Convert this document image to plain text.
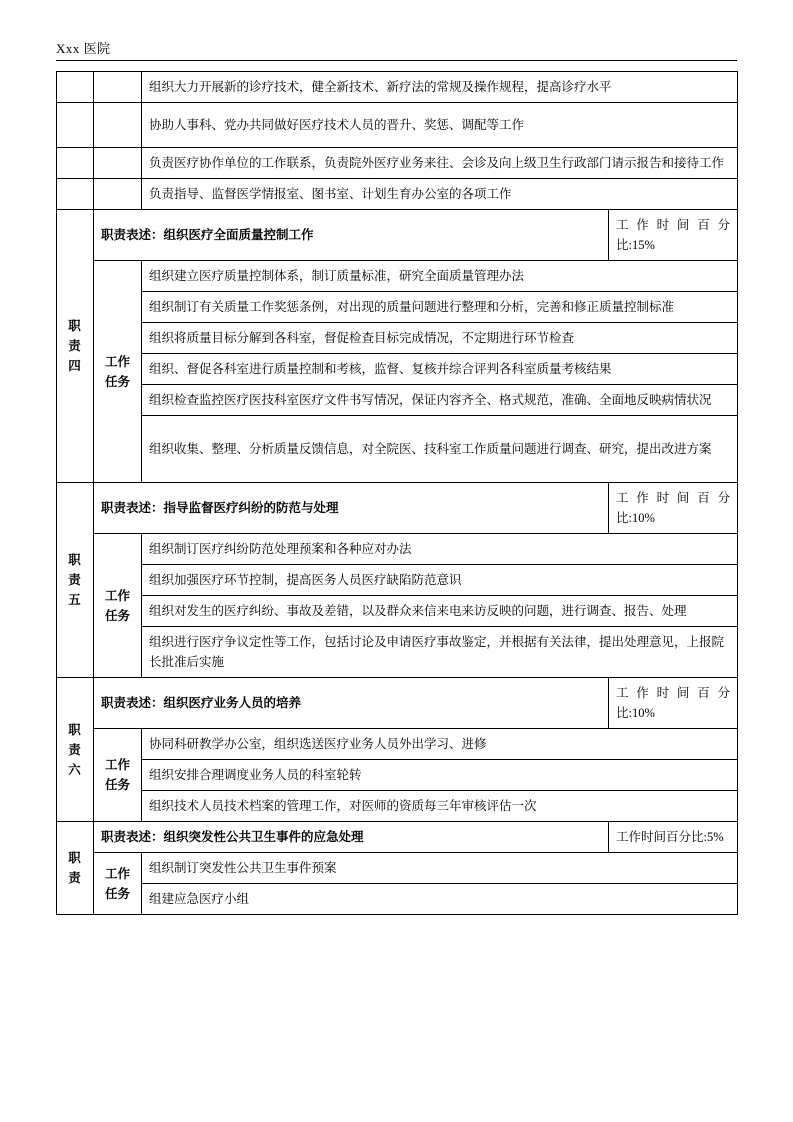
Xxx 医院
		组织大力开展新的诊疗技术，健全新技术、新疗法的常规及操作规程，提高诊疗水平	
		协助人事科、党办共同做好医疗技术人员的晋升、奖惩、调配等工作	
		负责医疗协作单位的工作联系，负责院外医疗业务来往、会诊及向上级卫生行政部门请示报告和接待工作	
		负责指导、监督医学情报室、图书室、计划生育办公室的各项工作	
职责四	职责表述：组织医疗全面质量控制工作		工 作 时 间 百 分
比:15%

	工作任务	组织建立医疗质量控制体系，制订质量标准，研究全面质量管理办法	
		组织制订有关质量工作奖惩条例，对出现的质量问题进行整理和分析，完善和修正质量控制标准	
		组织将质量目标分解到各科室，督促检查目标完成情况，不定期进行环节检查	
		组织、督促各科室进行质量控制和考核，监督、复核并综合评判各科室质量考核结果	
		组织检查监控医疗医技科室医疗文件书写情况，保证内容齐全、格式规范，准确、全面地反映病情状况	
		组织收集、整理、分析质量反馈信息，对全院医、技科室工作质量问题进行调查、研究，提出改进方案	
职责五	职责表述：指导监督医疗纠纷的防范与处理		工 作 时 间 百 分
比:10%

	工作任务	组织制订医疗纠纷防范处理预案和各种应对办法	
		组织加强医疗环节控制，提高医务人员医疗缺陷防范意识	
		组织对发生的医疗纠纷、事故及差错，以及群众来信来电来访反映的问题，进行调查、报告、处理	
		组织进行医疗争议定性等工作，包括讨论及申请医疗事故鉴定，并根据有关法律，提出处理意见，上报院长批准后实施	
职责六	职责表述：组织医疗业务人员的培养		工 作 时 间 百 分
比:10%

	工作任务	协同科研教学办公室，组织选送医疗业务人员外出学习、进修	
		组织安排合理调度业务人员的科室轮转	
		组织技术人员技术档案的管理工作，对医师的资质每三年审核评估一次	
职责	职责表述：组织突发性公共卫生事件的应急处理		工作时间百分比:5%
	工作任务	组织制订突发性公共卫生事件预案	
		组建应急医疗小组	
